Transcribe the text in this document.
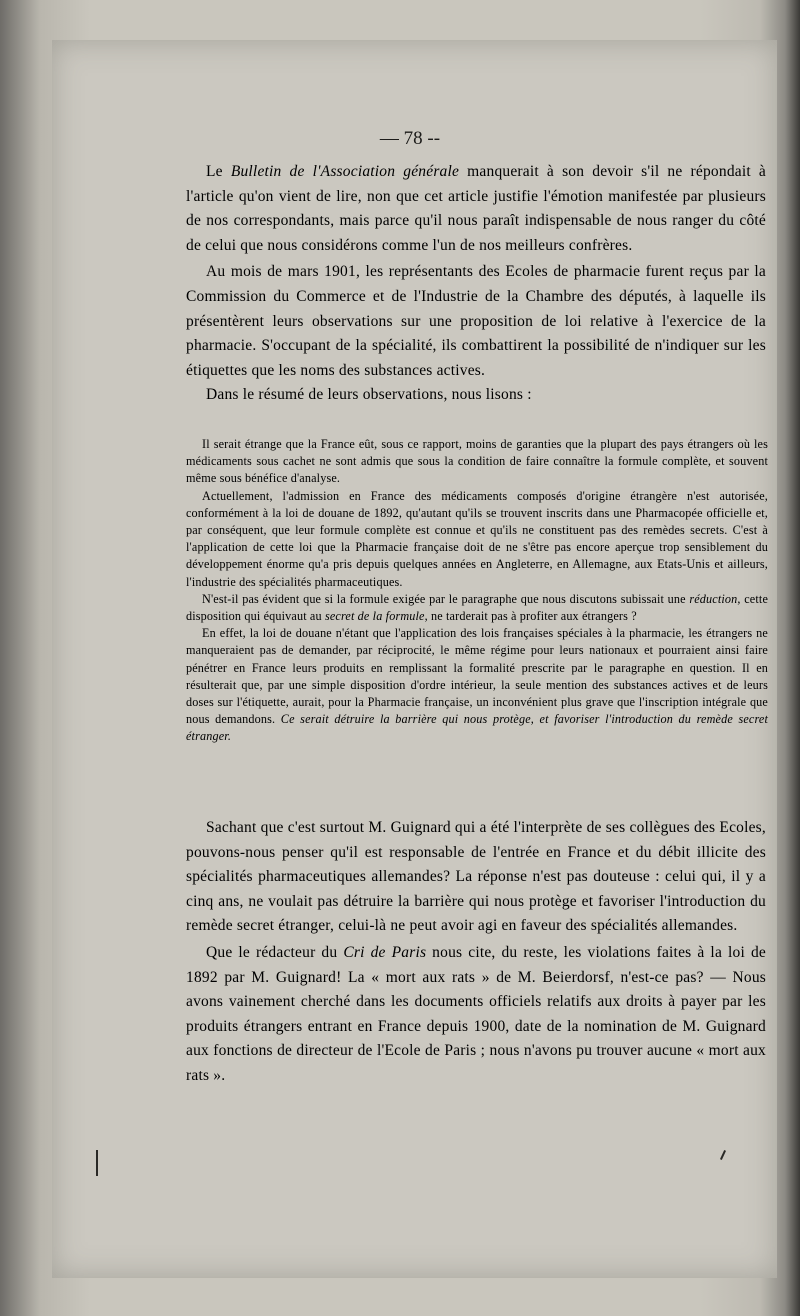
— 78 --

Le Bulletin de l'Association générale manquerait à son devoir s'il ne répondait à l'article qu'on vient de lire, non que cet article justifie l'émotion manifestée par plusieurs de nos correspondants, mais parce qu'il nous paraît indispensable de nous ranger du côté de celui que nous considérons comme l'un de nos meilleurs confrères.

Au mois de mars 1901, les représentants des Ecoles de pharmacie furent reçus par la Commission du Commerce et de l'Industrie de la Chambre des députés, à laquelle ils présentèrent leurs observations sur une proposition de loi relative à l'exercice de la pharmacie. S'occupant de la spécialité, ils combattirent la possibilité de n'indiquer sur les étiquettes que les noms des substances actives.

Dans le résumé de leurs observations, nous lisons :

Il serait étrange que la France eût, sous ce rapport, moins de garanties que la plupart des pays étrangers où les médicaments sous cachet ne sont admis que sous la condition de faire connaître la formule complète, et souvent même sous bénéfice d'analyse.

Actuellement, l'admission en France des médicaments composés d'origine étrangère n'est autorisée, conformément à la loi de douane de 1892, qu'autant qu'ils se trouvent inscrits dans une Pharmacopée officielle et, par conséquent, que leur formule complète est connue et qu'ils ne constituent pas des remèdes secrets. C'est à l'application de cette loi que la Pharmacie française doit de ne s'être pas encore aperçue trop sensiblement du développement énorme qu'a pris depuis quelques années en Angleterre, en Allemagne, aux Etats-Unis et ailleurs, l'industrie des spécialités pharmaceutiques.

N'est-il pas évident que si la formule exigée par le paragraphe que nous discutons subissait une réduction, cette disposition qui équivaut au secret de la formule, ne tarderait pas à profiter aux étrangers ?

En effet, la loi de douane n'étant que l'application des lois françaises spéciales à la pharmacie, les étrangers ne manqueraient pas de demander, par réciprocité, le même régime pour leurs nationaux et pourraient ainsi faire pénétrer en France leurs produits en remplissant la formalité prescrite par le paragraphe en question. Il en résulterait que, par une simple disposition d'ordre intérieur, la seule mention des substances actives et de leurs doses sur l'étiquette, aurait, pour la Pharmacie française, un inconvénient plus grave que l'inscription intégrale que nous demandons. Ce serait détruire la barrière qui nous protège, et favoriser l'introduction du remède secret étranger.

Sachant que c'est surtout M. Guignard qui a été l'interprète de ses collègues des Ecoles, pouvons-nous penser qu'il est responsable de l'entrée en France et du débit illicite des spécialités pharmaceutiques allemandes? La réponse n'est pas douteuse : celui qui, il y a cinq ans, ne voulait pas détruire la barrière qui nous protège et favoriser l'introduction du remède secret étranger, celui-là ne peut avoir agi en faveur des spécialités allemandes.

Que le rédacteur du Cri de Paris nous cite, du reste, les violations faites à la loi de 1892 par M. Guignard! La « mort aux rats » de M. Beierdorsf, n'est-ce pas? — Nous avons vainement cherché dans les documents officiels relatifs aux droits à payer par les produits étrangers entrant en France depuis 1900, date de la nomination de M. Guignard aux fonctions de directeur de l'Ecole de Paris ; nous n'avons pu trouver aucune « mort aux rats ».
